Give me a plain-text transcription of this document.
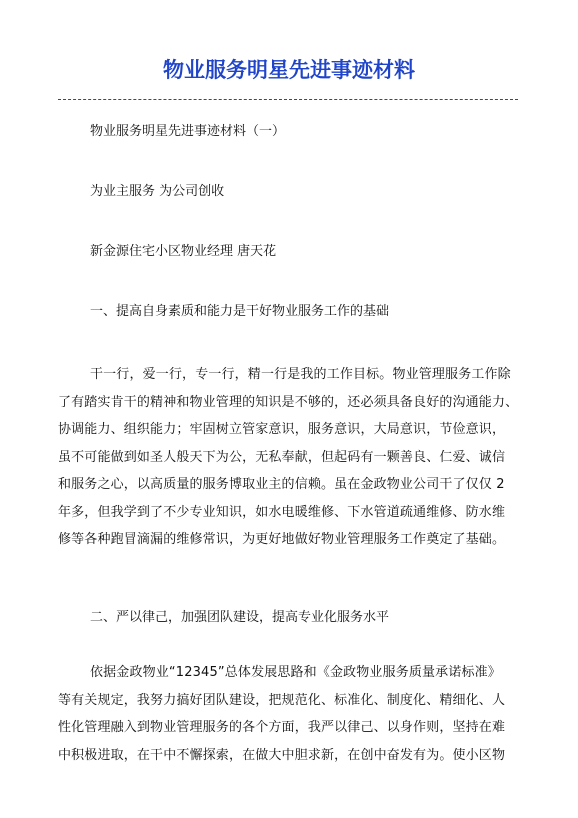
物业服务明星先进事迹材料
物业服务明星先进事迹材料（一）
为业主服务 为公司创收
新金源住宅小区物业经理 唐天花
一、提高自身素质和能力是干好物业服务工作的基础
干一行，爱一行，专一行，精一行是我的工作目标。物业管理服务工作除
了有踏实肯干的精神和物业管理的知识是不够的，还必须具备良好的沟通能力、
协调能力、组织能力；牢固树立管家意识，服务意识，大局意识，节俭意识，
虽不可能做到如圣人般天下为公，无私奉献，但起码有一颗善良、仁爱、诚信
和服务之心，以高质量的服务博取业主的信赖。虽在金政物业公司干了仅仅 2
年多，但我学到了不少专业知识，如水电暖维修、下水管道疏通维修、防水维
修等各种跑冒滴漏的维修常识，为更好地做好物业管理服务工作奠定了基础。
二、严以律己，加强团队建设，提高专业化服务水平
依据金政物业“12345”总体发展思路和《金政物业服务质量承诺标准》
等有关规定，我努力搞好团队建设，把规范化、标准化、制度化、精细化、人
性化管理融入到物业管理服务的各个方面，我严以律己、以身作则，坚持在难
中积极进取，在干中不懈探索，在做大中胆求新，在创中奋发有为。使小区物
